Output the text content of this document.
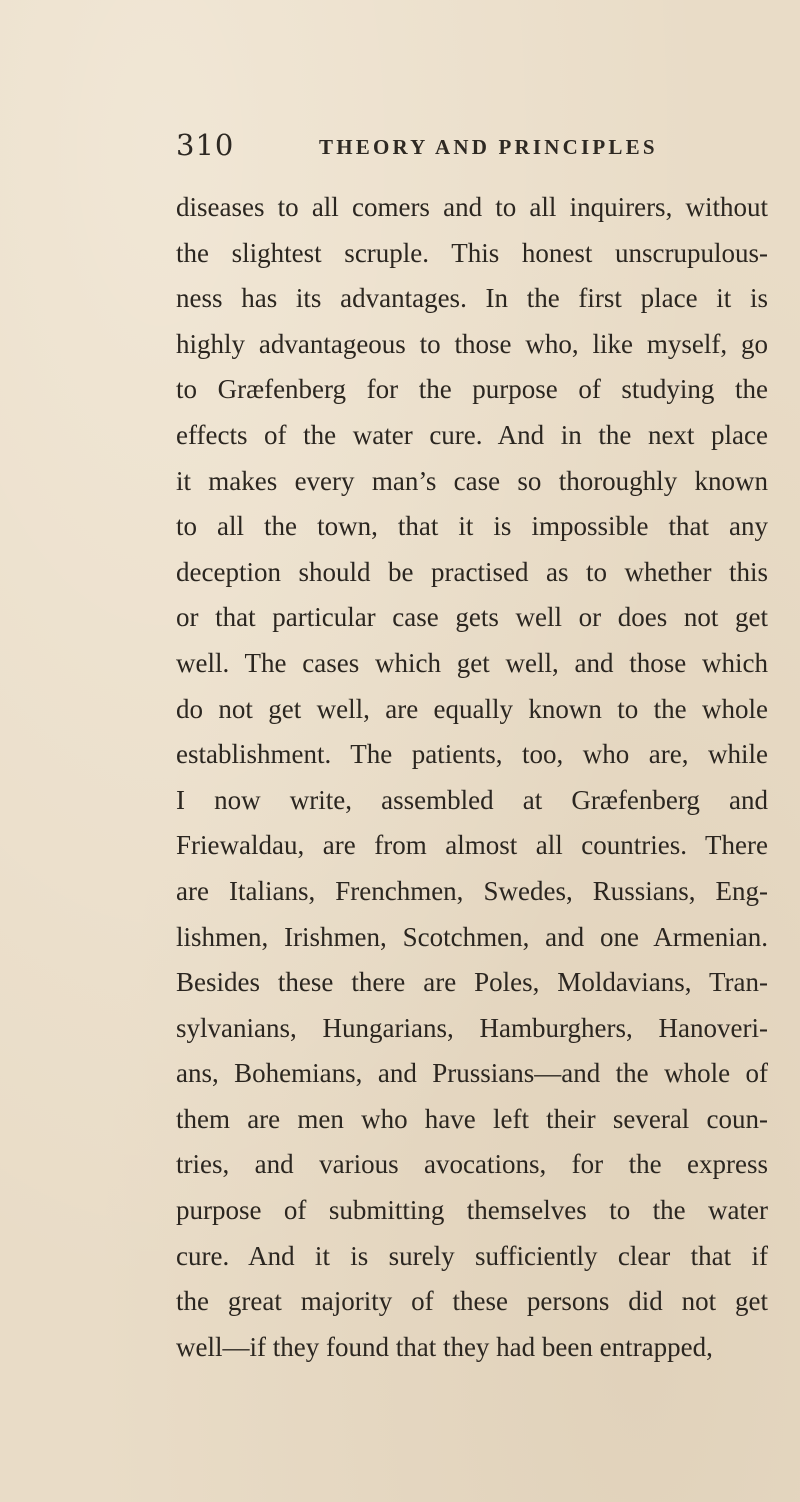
310	THEORY AND PRINCIPLES
diseases to all comers and to all inquirers, without
the slightest scruple. This honest unscrupulous-
ness has its advantages. In the first place it is
highly advantageous to those who, like myself, go
to Græfenberg for the purpose of studying the
effects of the water cure. And in the next place
it makes every man’s case so thoroughly known
to all the town, that it is impossible that any
deception should be practised as to whether this
or that particular case gets well or does not get
well. The cases which get well, and those which
do not get well, are equally known to the whole
establishment. The patients, too, who are, while
I now write, assembled at Græfenberg and
Friewaldau, are from almost all countries. There
are Italians, Frenchmen, Swedes, Russians, Eng-
lishmen, Irishmen, Scotchmen, and one Armenian.
Besides these there are Poles, Moldavians, Tran-
sylvanians, Hungarians, Hamburghers, Hanoveri-
ans, Bohemians, and Prussians—and the whole of
them are men who have left their several coun-
tries, and various avocations, for the express
purpose of submitting themselves to the water
cure. And it is surely sufficiently clear that if
the great majority of these persons did not get
well—if they found that they had been entrapped,
